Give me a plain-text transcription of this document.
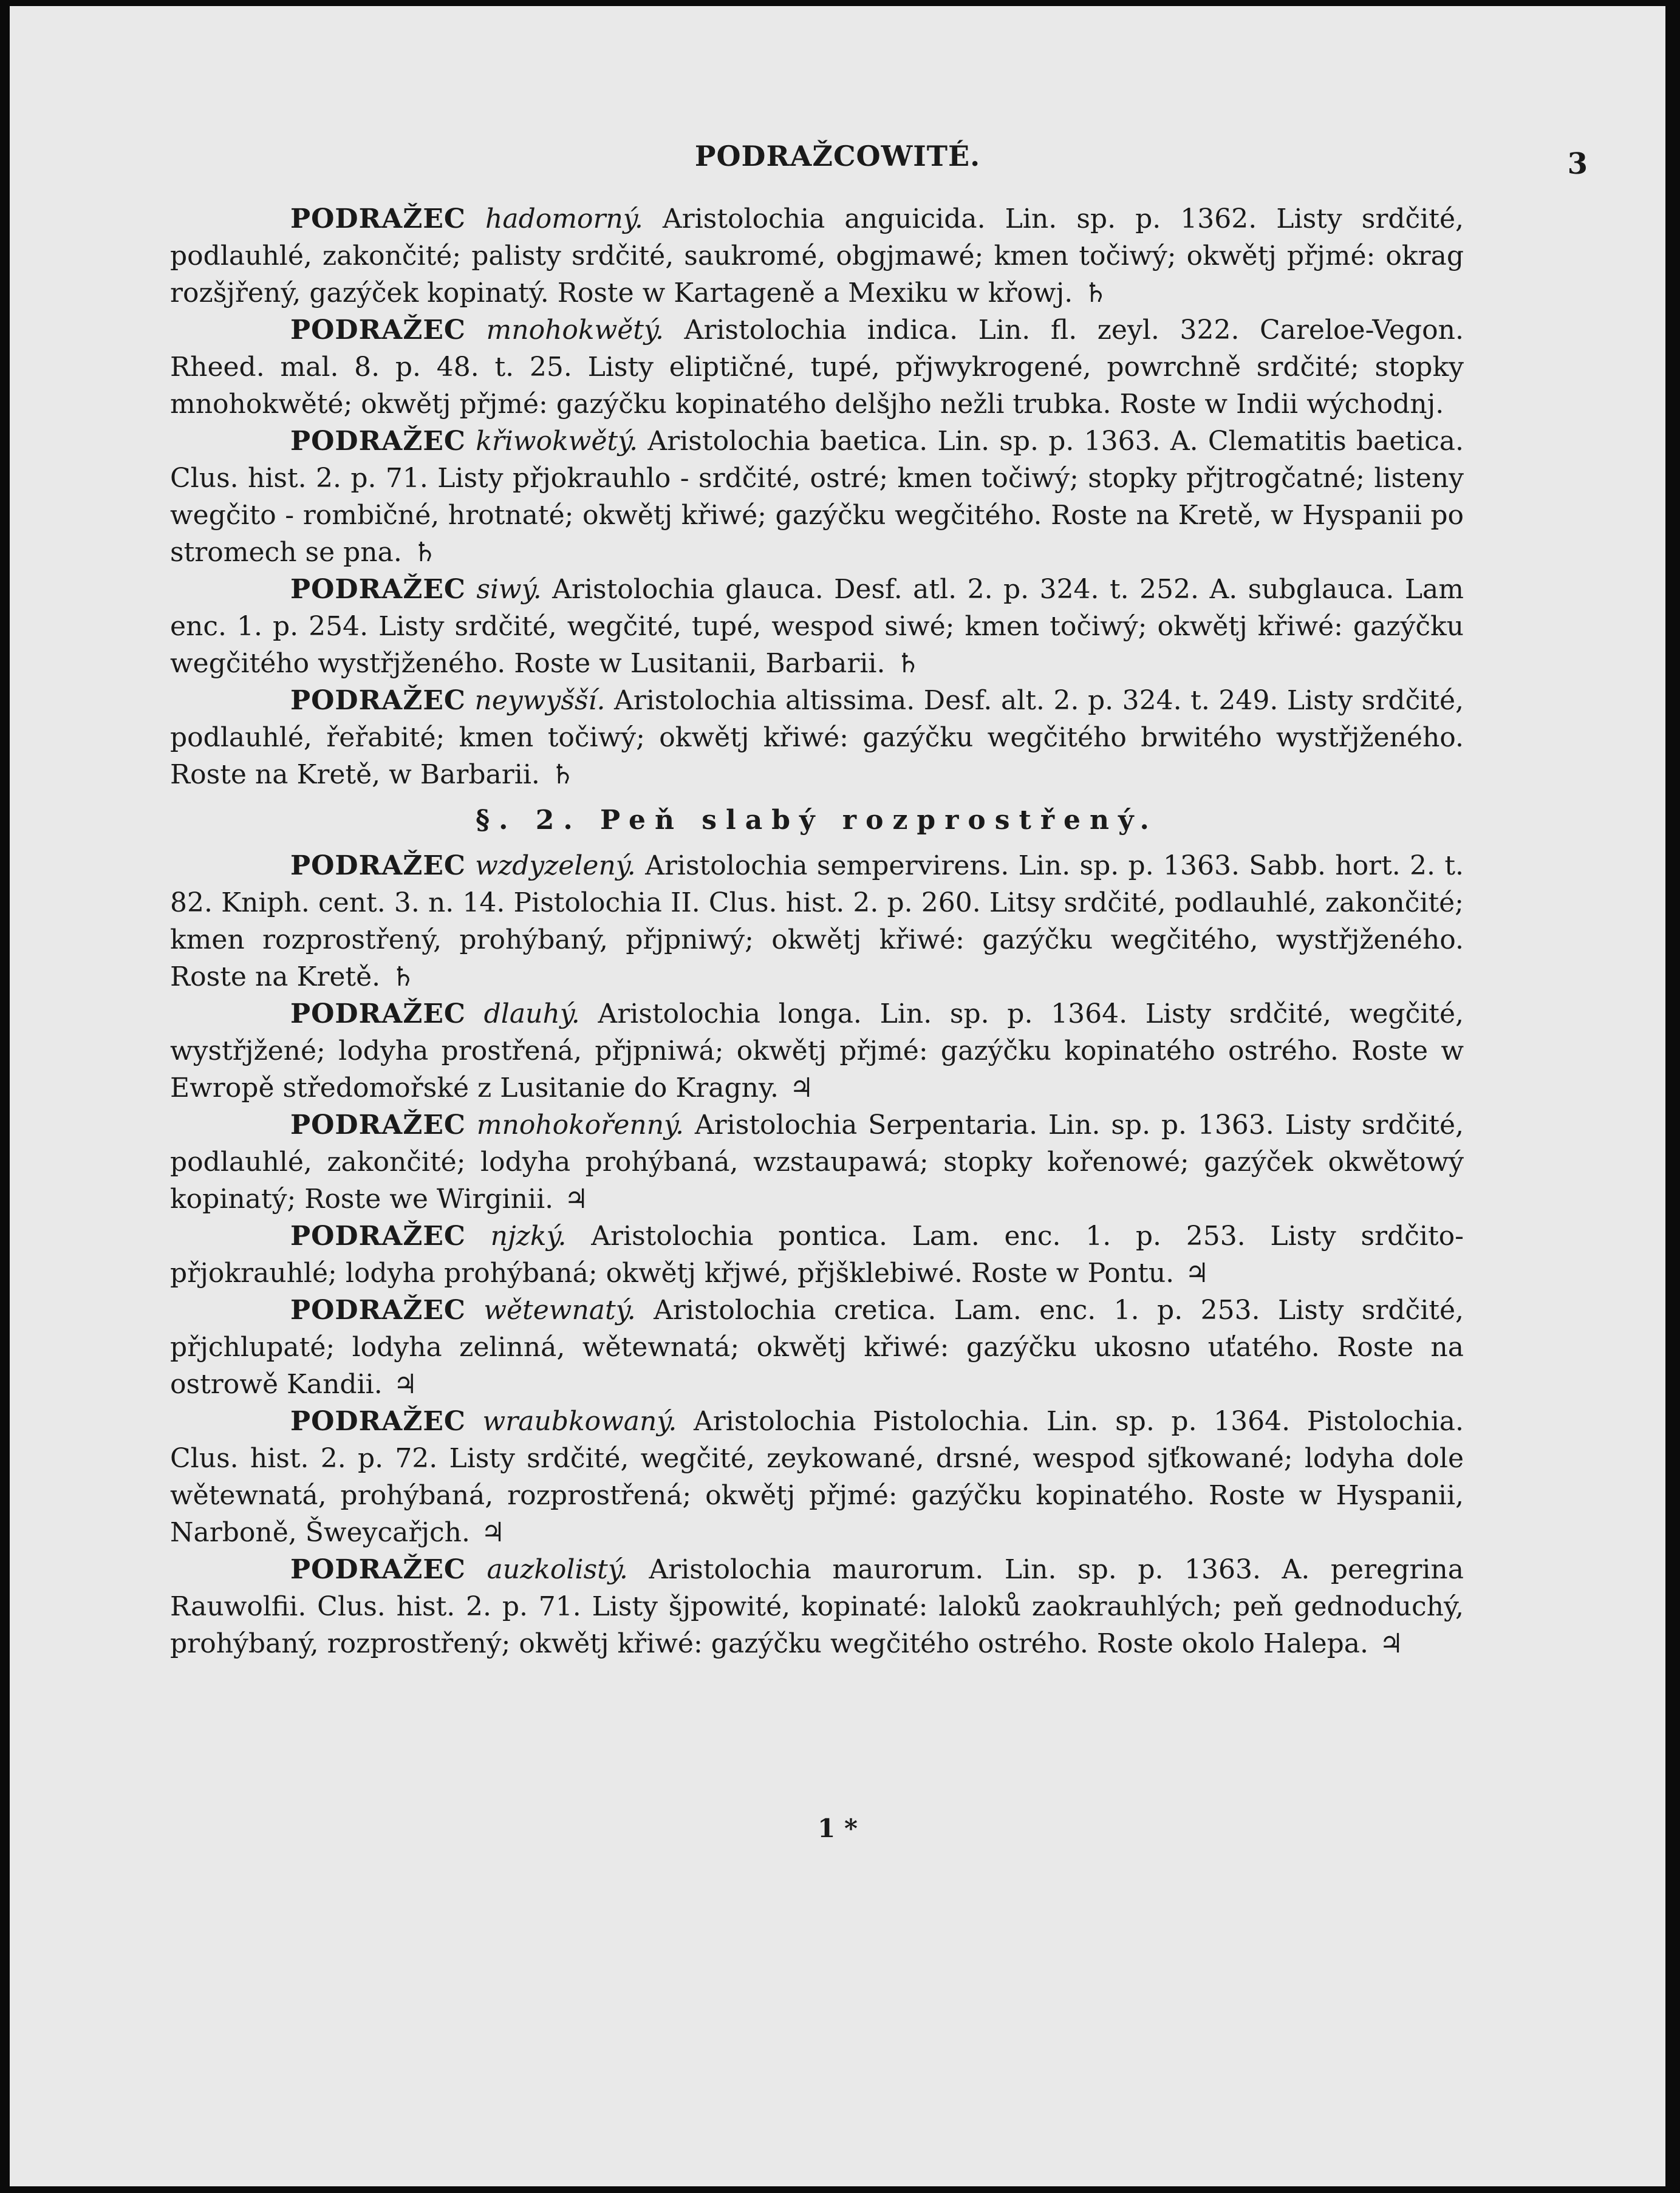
PODRAŽCOWITÉ.	3

PODRAŽEC hadomorný. Aristolochia anguicida. Lin. sp. p. 1362. Listy srdčité, podlauhlé, zakončité; palisty srdčité, saukromé, obgjmawé; kmen točiwý; okwětj přjmé: okrag rozšjřený, gazýček kopinatý. Roste w Kartageně a Mexiku w křowj. ♄

PODRAŽEC mnohokwětý. Aristolochia indica. Lin. fl. zeyl. 322. Careloe-Vegon. Rheed. mal. 8. p. 48. t. 25. Listy eliptičné, tupé, přjwykrogené, powrchně srdčité; stopky mnohokwěté; okwětj přjmé: gazýčku kopinatého delšjho nežli trubka. Roste w Indii wýchodnj.

PODRAŽEC křiwokwětý. Aristolochia baetica. Lin. sp. p. 1363. A. Clematitis baetica. Clus. hist. 2. p. 71. Listy přjokrauhlo - srdčité, ostré; kmen točiwý; stopky přjtrogčatné; listeny wegčito - rombičné, hrotnaté; okwětj křiwé; gazýčku wegčitého. Roste na Kretě, w Hyspanii po stromech se pna. ♄

PODRAŽEC siwý. Aristolochia glauca. Desf. atl. 2. p. 324. t. 252. A. subglauca. Lam enc. 1. p. 254. Listy srdčité, wegčité, tupé, wespod siwé; kmen točiwý; okwětj křiwé: gazýčku wegčitého wystřjženého. Roste w Lusitanii, Barbarii. ♄

PODRAŽEC neywyšší. Aristolochia altissima. Desf. alt. 2. p. 324. t. 249. Listy srdčité, podlauhlé, řeřabité; kmen točiwý; okwětj křiwé: gazýčku wegčitého brwitého wystřjženého. Roste na Kretě, w Barbarii. ♄

§. 2. Peň slabý rozprostřený.

PODRAŽEC wzdyzelený. Aristolochia sempervirens. Lin. sp. p. 1363. Sabb. hort. 2. t. 82. Kniph. cent. 3. n. 14. Pistolochia II. Clus. hist. 2. p. 260. Litsy srdčité, podlauhlé, zakončité; kmen rozprostřený, prohýbaný, přjpniwý; okwětj křiwé: gazýčku wegčitého, wystřjženého. Roste na Kretě. ♄

PODRAŽEC dlauhý. Aristolochia longa. Lin. sp. p. 1364. Listy srdčité, wegčité, wystřjžené; lodyha prostřená, přjpniwá; okwětj přjmé: gazýčku kopinatého ostrého. Roste w Ewropě středomořské z Lusitanie do Kragny. ♃

PODRAŽEC mnohokořenný. Aristolochia Serpentaria. Lin. sp. p. 1363. Listy srdčité, podlauhlé, zakončité; lodyha prohýbaná, wzstaupawá; stopky kořenowé; gazýček okwětowý kopinatý; Roste we Wirginii. ♃

PODRAŽEC njzký. Aristolochia pontica. Lam. enc. 1. p. 253. Listy srdčito-přjokrauhlé; lodyha prohýbaná; okwětj křjwé, přjšklebiwé. Roste w Pontu. ♃

PODRAŽEC wětewnatý. Aristolochia cretica. Lam. enc. 1. p. 253. Listy srdčité, přjchlupaté; lodyha zelinná, wětewnatá; okwětj křiwé: gazýčku ukosno uťatého. Roste na ostrowě Kandii. ♃

PODRAŽEC wraubkowaný. Aristolochia Pistolochia. Lin. sp. p. 1364. Pistolochia. Clus. hist. 2. p. 72. Listy srdčité, wegčité, zeykowané, drsné, wespod sjťkowané; lodyha dole wětewnatá, prohýbaná, rozprostřená; okwětj přjmé: gazýčku kopinatého. Roste w Hyspanii, Narboně, Šweycařjch. ♃

PODRAŽEC auzkolistý. Aristolochia maurorum. Lin. sp. p. 1363. A. peregrina Rauwolfii. Clus. hist. 2. p. 71. Listy šjpowité, kopinaté: laloků zaokrauhlých; peň gednoduchý, prohýbaný, rozprostřený; okwětj křiwé: gazýčku wegčitého ostrého. Roste okolo Halepa. ♃

1 *
